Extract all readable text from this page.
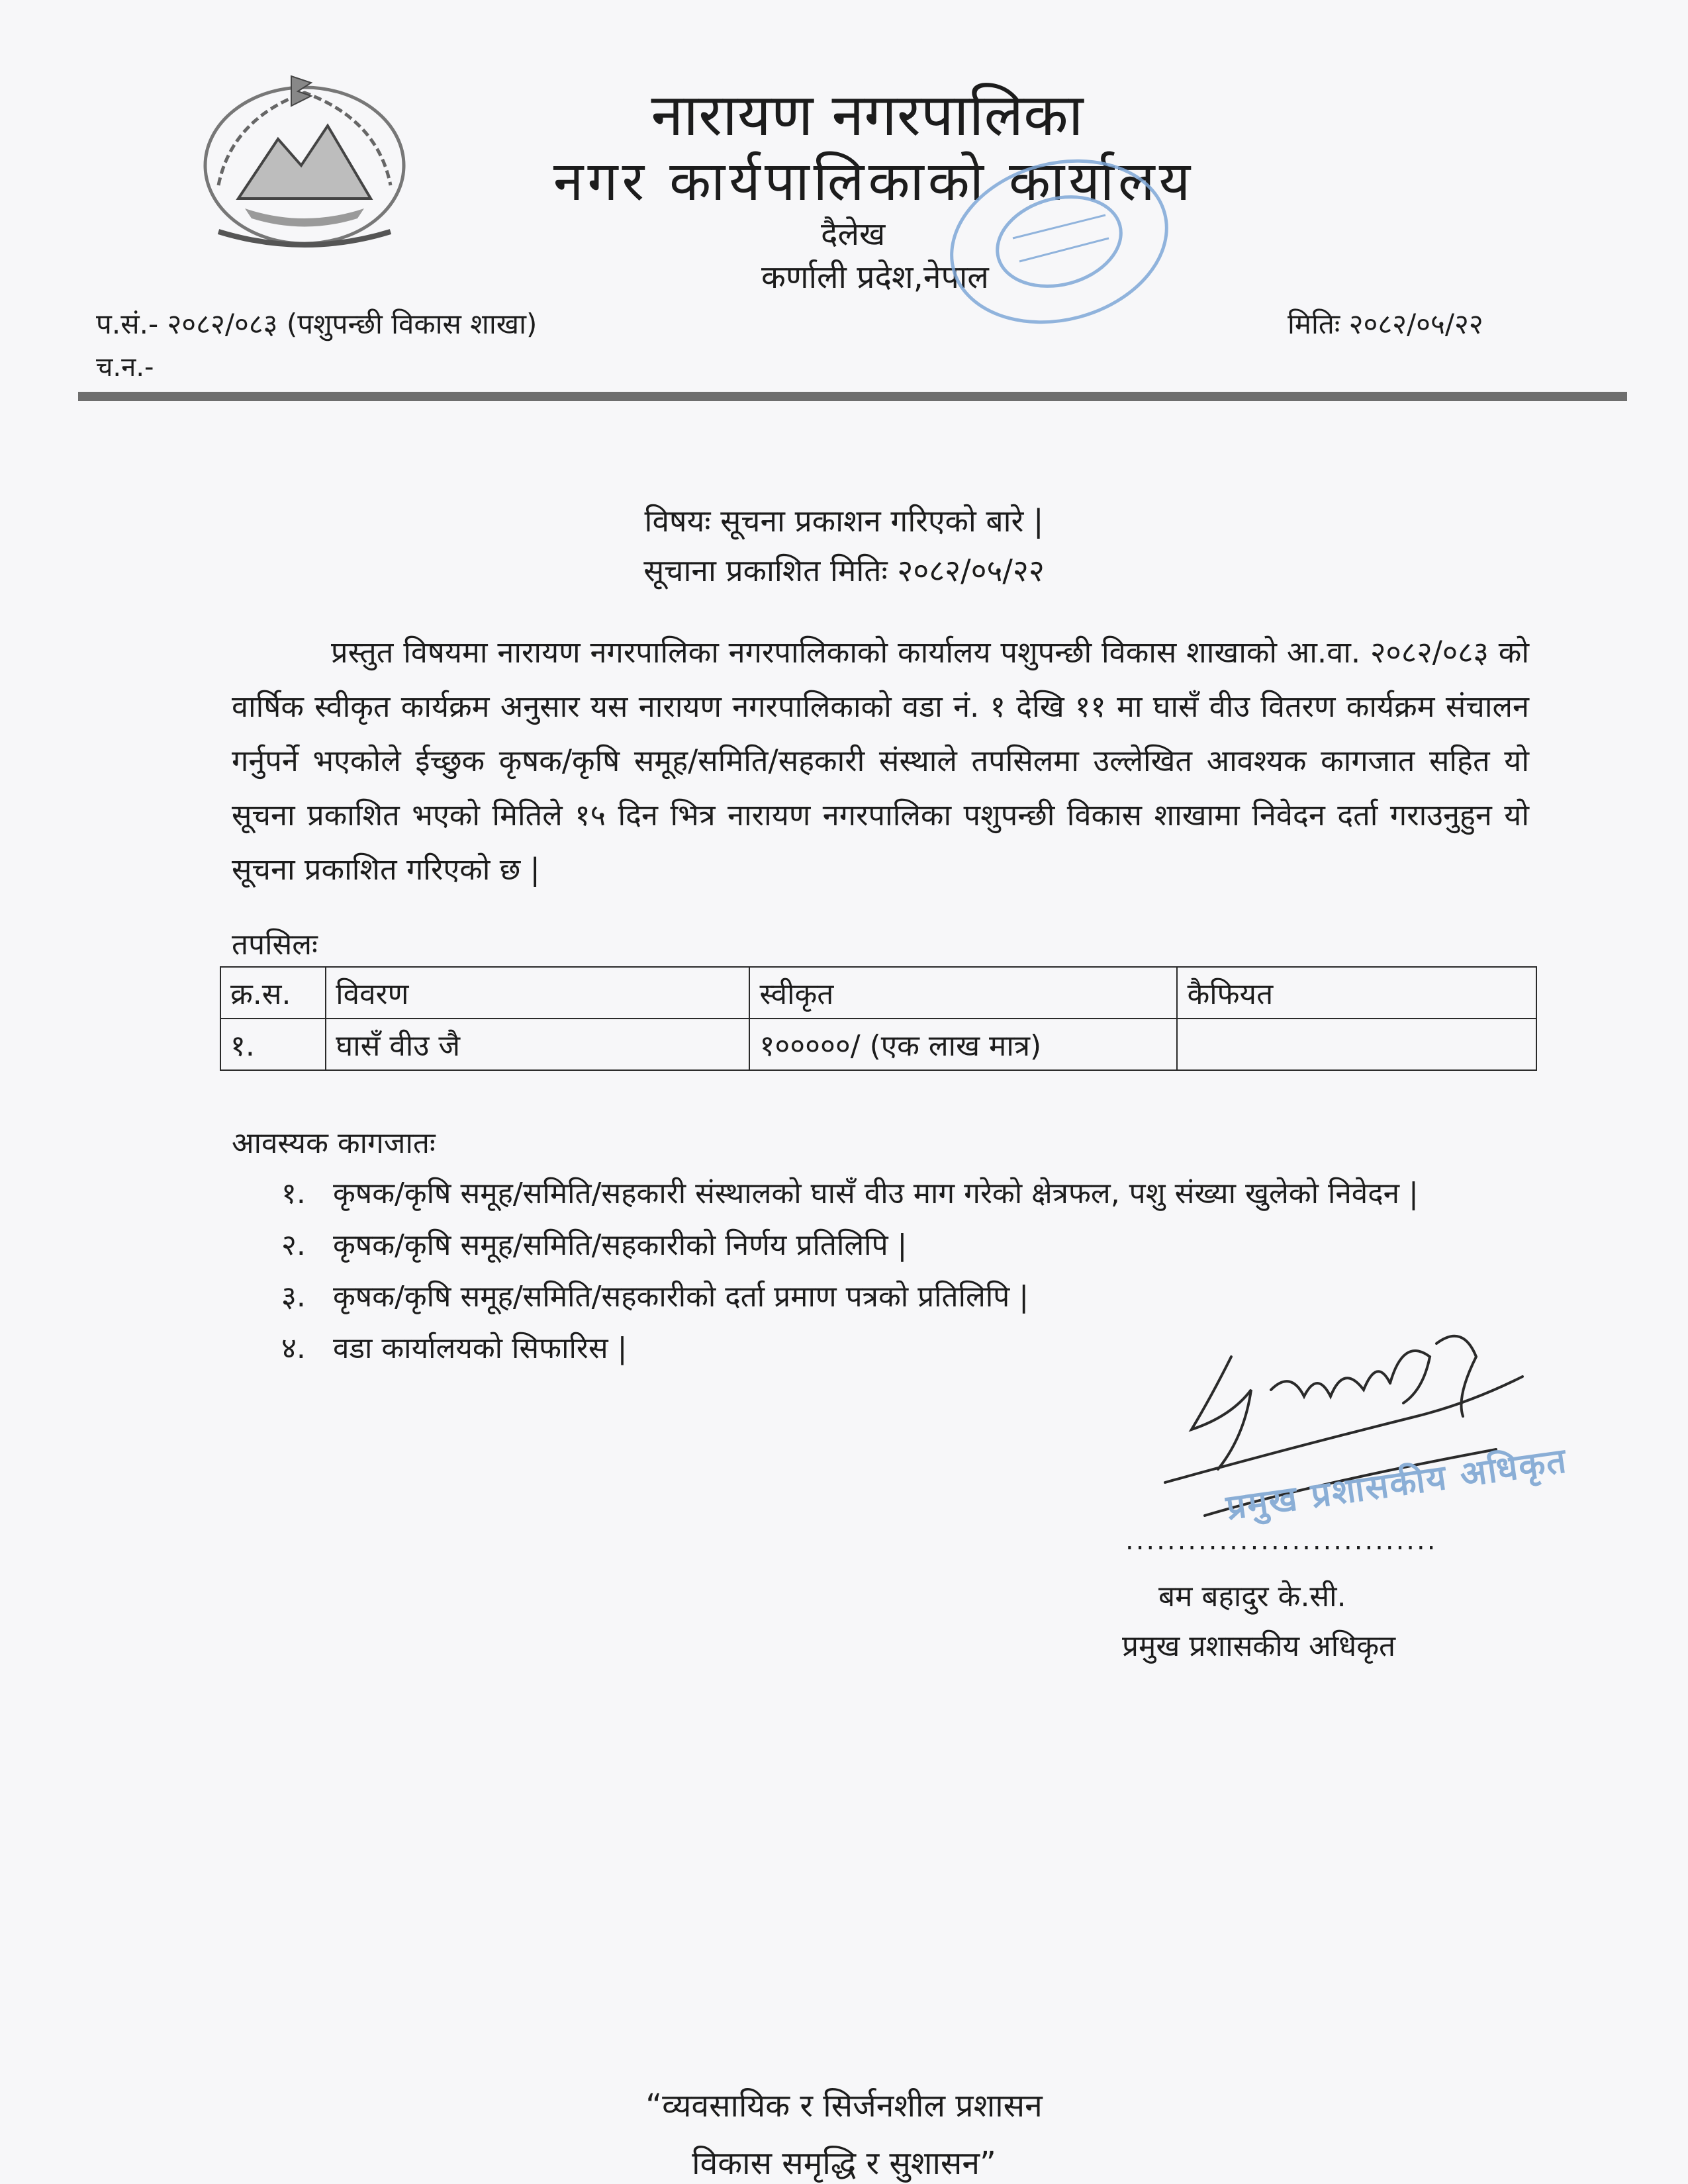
नारायण नगरपालिका
नगर कार्यपालिकाको कार्यालय
दैलेख
कर्णाली प्रदेश,नेपाल
प.सं.- २०८२/०८३ (पशुपन्छी विकास शाखा)
च.न.-
मितिः २०८२/०५/२२
विषयः सूचना प्रकाशन गरिएको बारे |
सूचाना प्रकाशित मितिः २०८२/०५/२२

प्रस्तुत विषयमा नारायण नगरपालिका नगरपालिकाको कार्यालय पशुपन्छी विकास शाखाको आ.वा. २०८२/०८३ को वार्षिक स्वीकृत कार्यक्रम अनुसार यस नारायण नगरपालिकाको वडा नं. १ देखि ११ मा घासँ वीउ वितरण कार्यक्रम संचालन गर्नुपर्ने भएकोले ईच्छुक कृषक/कृषि समूह/समिति/सहकारी संस्थाले तपसिलमा उल्लेखित आवश्यक कागजात सहित यो सूचना प्रकाशित भएको मितिले १५ दिन भित्र नारायण नगरपालिका पशुपन्छी विकास शाखामा निवेदन दर्ता गराउनुहुन यो सूचना प्रकाशित गरिएको छ |

तपसिलः
क्र.स.	विवरण	स्वीकृत	कैफियत
१.	घासँ वीउ जै	१०००००/ (एक लाख मात्र)	
आवस्यक कागजातः
१. कृषक/कृषि समूह/समिति/सहकारी संस्थालको घासँ वीउ माग गरेको क्षेत्रफल, पशु संख्या खुलेको निवेदन |
२. कृषक/कृषि समूह/समिति/सहकारीको निर्णय प्रतिलिपि |
३. कृषक/कृषि समूह/समिति/सहकारीको दर्ता प्रमाण पत्रको प्रतिलिपि |
४. वडा कार्यालयको सिफारिस |
प्रमुख प्रशासकीय अधिकृत
..............................
बम बहादुर के.सी.
प्रमुख प्रशासकीय अधिकृत
“व्यवसायिक र सिर्जनशील प्रशासन
विकास समृद्धि र सुशासन”
